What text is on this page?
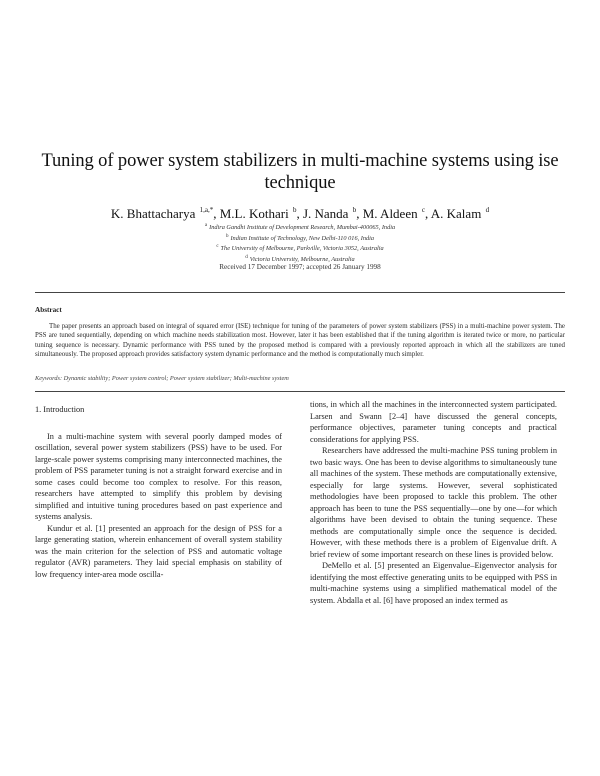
Tuning of power system stabilizers in multi-machine systems using ise technique
K. Bhattacharya $^{1,a,*}$, M.L. Kothari $^b$, J. Nanda $^b$, M. Aldeen $^c$, A. Kalam $^d$
$^a$ Indira Gandhi Institute of Development Research, Mumbai-400065, India
$^b$ Indian Institute of Technology, New Delhi-110 016, India
$^c$ The University of Melbourne, Parkville, Victoria 3052, Australia
$^d$ Victoria University, Melbourne, Australia
Received 17 December 1997; accepted 26 January 1998
Abstract
The paper presents an approach based on integral of squared error (ISE) technique for tuning of the parameters of power system stabilizers (PSS) in a multi-machine power system. The PSS are tuned sequentially, depending on which machine needs stabilization most. However, later it has been established that if the tuning algorithm is iterated twice or more, no particular tuning sequence is necessary. Dynamic performance with PSS tuned by the proposed method is compared with a previously reported approach in which all the stabilizers are tuned simultaneously. The proposed approach provides satisfactory system dynamic performance and the method is computationally much simpler.
Keywords: Dynamic stability; Power system control; Power system stabilizer; Multi-machine system
1. Introduction

In a multi-machine system with several poorly damped modes of oscillation, several power system stabilizers (PSS) have to be used. For large-scale power systems comprising many interconnected machines, the problem of PSS parameter tuning is not a straight forward exercise and in some cases could become too complex to resolve. For this reason, researchers have attempted to simplify this problem by devising simplified and intuitive tuning procedures based on past experience and systems analysis.

Kundur et al. [1] presented an approach for the design of PSS for a large generating station, wherein enhancement of overall system stability was the main criterion for the selection of PSS and automatic voltage regulator (AVR) parameters. They laid special emphasis on stability of low frequency inter-area mode oscilla-

tions, in which all the machines in the interconnected system participated. Larsen and Swann [2–4] have discussed the general concepts, performance objectives, parameter tuning concepts and practical considerations for applying PSS.

Researchers have addressed the multi-machine PSS tuning problem in two basic ways. One has been to devise algorithms to simultaneously tune all machines of the system. These methods are computationally extensive, especially for large systems. However, several sophisticated methodologies have been proposed to tackle this problem. The other approach has been to tune the PSS sequentially—one by one—for which algorithms have been devised to obtain the tuning sequence. These methods are computationally simple once the sequence is decided. However, with these methods there is a problem of Eigenvalue drift. A brief review of some important research on these lines is provided below.

DeMello et al. [5] presented an Eigenvalue–Eigenvector analysis for identifying the most effective generating units to be equipped with PSS in multi-machine systems using a simplified mathematical model of the system. Abdalla et al. [6] have proposed an index termed as
